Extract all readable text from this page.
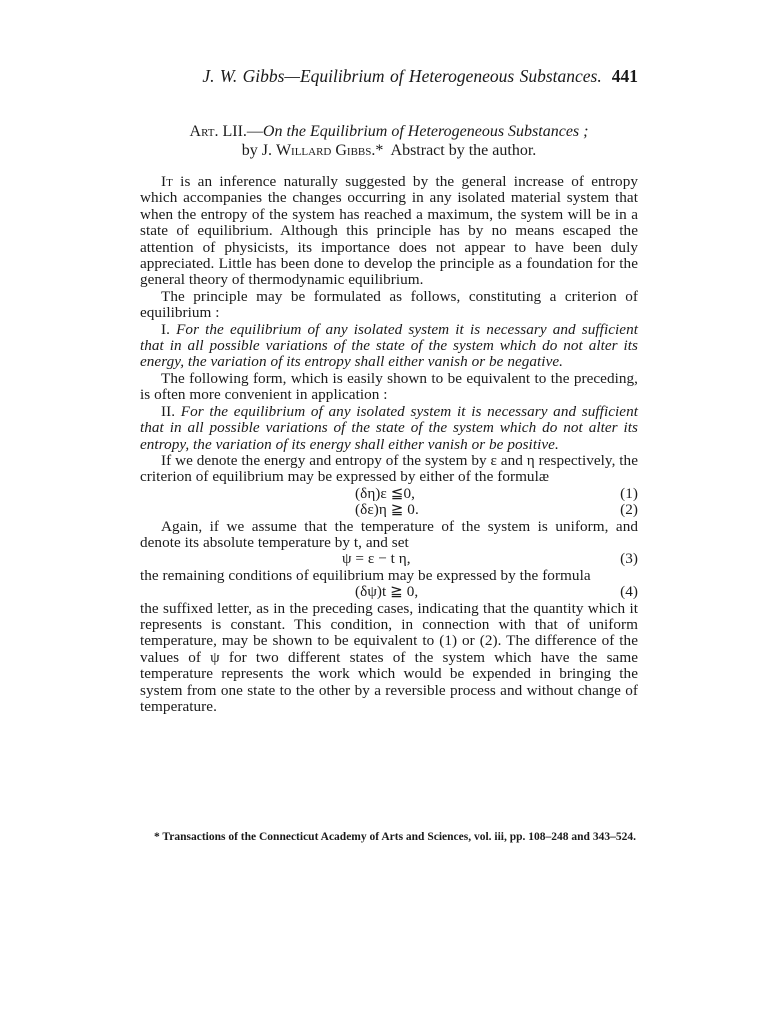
J. W. Gibbs—Equilibrium of Heterogeneous Substances. 441
Art. LII.—On the Equilibrium of Heterogeneous Substances ;
by J. Willard Gibbs.*  Abstract by the author.

It is an inference naturally suggested by the general increase of entropy which accompanies the changes occurring in any isolated material system that when the entropy of the system has reached a maximum, the system will be in a state of equilibrium. Although this principle has by no means escaped the attention of physicists, its importance does not appear to have been duly appreciated. Little has been done to develop the principle as a foundation for the general theory of thermodynamic equilibrium.

The principle may be formulated as follows, constituting a criterion of equilibrium :

I. For the equilibrium of any isolated system it is necessary and sufficient that in all possible variations of the state of the system which do not alter its energy, the variation of its entropy shall either vanish or be negative.

The following form, which is easily shown to be equivalent to the preceding, is often more convenient in application :

II. For the equilibrium of any isolated system it is necessary and sufficient that in all possible variations of the state of the system which do not alter its entropy, the variation of its energy shall either vanish or be positive.

If we denote the energy and entropy of the system by ε and η respectively, the criterion of equilibrium may be expressed by either of the formulæ

(δη)ε ≦0,	(1)
(δε)η ≧ 0.	(2)

Again, if we assume that the temperature of the system is uniform, and denote its absolute temperature by t, and set

ψ = ε − t η,	(3)

the remaining conditions of equilibrium may be expressed by the formula

(δψ)t ≧ 0,	(4)

the suffixed letter, as in the preceding cases, indicating that the quantity which it represents is constant. This condition, in connection with that of uniform temperature, may be shown to be equivalent to (1) or (2). The difference of the values of ψ for two different states of the system which have the same temperature represents the work which would be expended in bringing the system from one state to the other by a reversible process and without change of temperature.

* Transactions of the Connecticut Academy of Arts and Sciences, vol. iii, pp. 108–248 and 343–524.
